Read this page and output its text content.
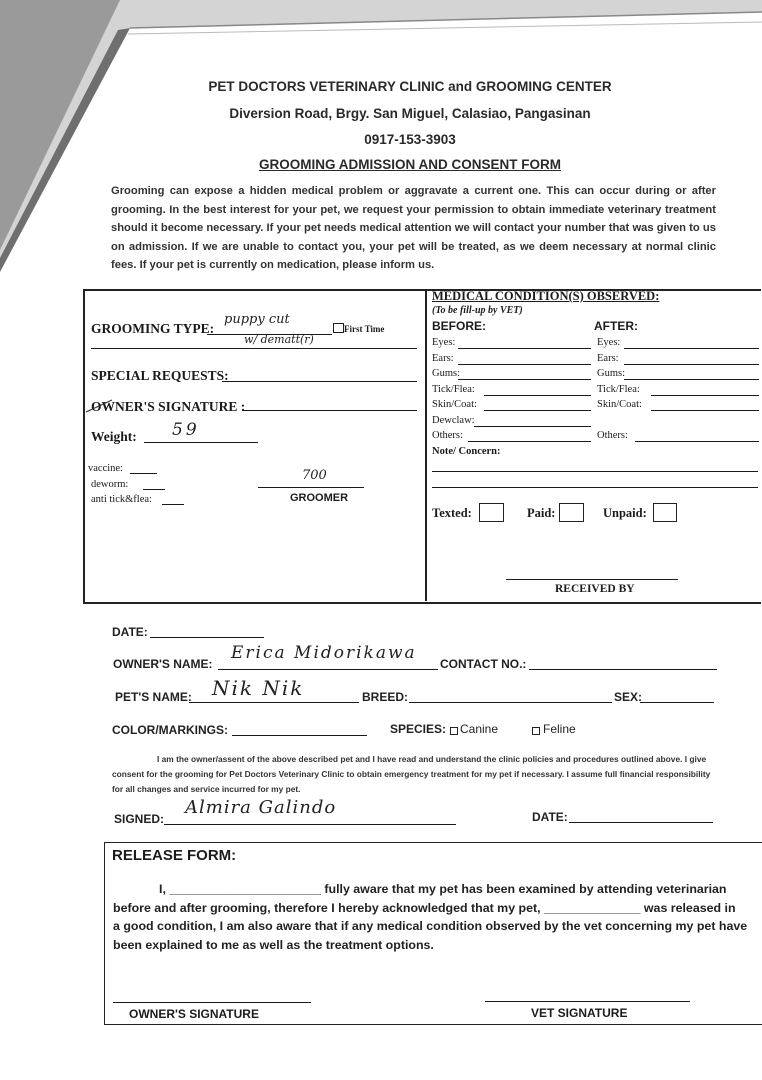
PET DOCTORS VETERINARY CLINIC and GROOMING CENTER
Diversion Road, Brgy. San Miguel, Calasiao, Pangasinan
0917-153-3903
GROOMING ADMISSION AND CONSENT FORM
Grooming can expose a hidden medical problem or aggravate a current one. This can occur during or after grooming. In the best interest for your pet, we request your permission to obtain immediate veterinary treatment should it become necessary. If your pet needs medical attention we will contact your number that was given to us on admission. If we are unable to contact you, your pet will be treated, as we deem necessary at normal clinic fees. If your pet is currently on medication, please inform us.
GROOMING TYPE:
puppy cut
First Time
w/ dematt(r)
SPECIAL REQUESTS:
OWNER'S SIGNATURE :
Weight: 59
vaccine:
deworm:
anti tick&flea:
700
GROOMER
MEDICAL CONDITION(S) OBSERVED:
(To be fill-up by VET)
BEFORE:	AFTER:
Eyes:	Eyes:
Ears:	Ears:
Gums:	Gums:
Tick/Flea:	Tick/Flea:
Skin/Coat:	Skin/Coat:
Dewclaw:
Others:	Others:
Note/ Concern:
Texted:	Paid:	Unpaid:
RECEIVED BY
DATE:
OWNER'S NAME:
Erica Midorikawa
CONTACT NO.:
PET'S NAME: Nik Nik	BREED:	SEX:
COLOR/MARKINGS:	SPECIES: Canine	Feline
I am the owner/assent of the above described pet and I have read and understand the clinic policies and procedures outlined above. I give consent for the grooming for Pet Doctors Veterinary Clinic to obtain emergency treatment for my pet if necessary. I assume full financial responsibility for all changes and service incurred for my pet.
SIGNED:
Almira Galindo	DATE:
RELEASE FORM:
I, ______________________ fully aware that my pet has been examined by attending veterinarian
before and after grooming, therefore I hereby acknowledged that my pet, ______________ was released in
a good condition, I am also aware that if any medical condition observed by the vet concerning my pet have
been explained to me as well as the treatment options.
OWNER'S SIGNATURE	VET SIGNATURE
